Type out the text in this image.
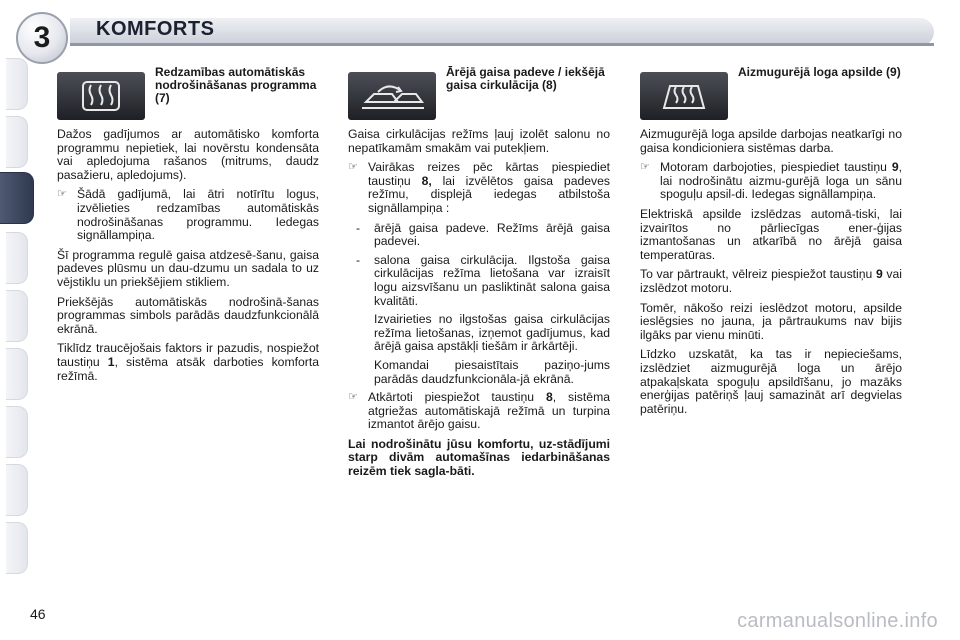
3	KOMFORTS
Redzamības automātiskās nodrošināšanas programma (7)

Dažos gadījumos ar automātisko komforta programmu nepietiek, lai novērstu kondensāta vai apledojuma rašanos (mitrums, daudz pasažieru, apledojums).

☞ Šādā gadījumā, lai ātri notīrītu logus, izvēlieties redzamības automātiskās nodrošināšanas programmu. Iedegas signāllampiņa.

Šī programma regulē gaisa atdzesē-šanu, gaisa padeves plūsmu un dau-dzumu un sadala to uz vējstiklu un priekšējiem stikliem.

Priekšējās automātiskās nodrošinā-šanas programmas simbols parādās daudzfunkcionālā ekrānā.

Tiklīdz traucējošais faktors ir pazudis, nospiežot taustiņu 1, sistēma atsāk darboties komforta režīmā.

Ārējā gaisa padeve / iekšējā gaisa cirkulācija (8)

Gaisa cirkulācijas režīms ļauj izolēt salonu no nepatīkamām smakām vai putekļiem.

☞ Vairākas reizes pēc kārtas piespiediet taustiņu 8, lai izvēlētos gaisa padeves režīmu, displejā iedegas atbilstoša signāllampiņa :
-	ārējā gaisa padeve. Režīms ārējā gaisa padevei.
-	salona gaisa cirkulācija. Ilgstoša gaisa cirkulācijas režīma lietošana var izraisīt logu aizsvīšanu un pasliktināt salona gaisa kvalitāti.
Izvairieties no ilgstošas gaisa cirkulācijas režīma lietošanas, izņemot gadījumus, kad ārējā gaisa apstākļi tiešām ir ārkārtēji.
Komandai piesaistītais paziņo-jums parādās daudzfunkcionāla-jā ekrānā.
☞ Atkārtoti piespiežot taustiņu 8, sistēma atgriežas automātiskajā režīmā un turpina izmantot ārējo gaisu.

Lai nodrošinātu jūsu komfortu, uz-stādījumi starp divām automašīnas iedarbināšanas reizēm tiek sagla-bāti.

Aizmugurējā loga apsilde (9)

Aizmugurējā loga apsilde darbojas neatkarīgi no gaisa kondicioniera sistēmas darba.

☞ Motoram darbojoties, piespiediet taustiņu 9, lai nodrošinātu aizmu-gurējā loga un sānu spoguļu apsil-di. Iedegas signāllampiņa.

Elektriskā apsilde izslēdzas automā-tiski, lai izvairītos no pārliecīgas ener-ģijas izmantošanas un atkarībā no ārējā gaisa temperatūras.

To var pārtraukt, vēlreiz piespiežot taustiņu 9 vai izslēdzot motoru.

Tomēr, nākošo reizi ieslēdzot motoru, apsilde ieslēgsies no jauna, ja pārtraukums nav bijis ilgāks par vienu minūti.

Līdzko uzskatāt, ka tas ir nepieciešams, izslēdziet aizmugurējā loga un ārējo atpakaļskata spoguļu apsildīšanu, jo mazāks enerģijas patēriņš ļauj samazināt arī degvielas patēriņu.

46	carmanualsonline.info
